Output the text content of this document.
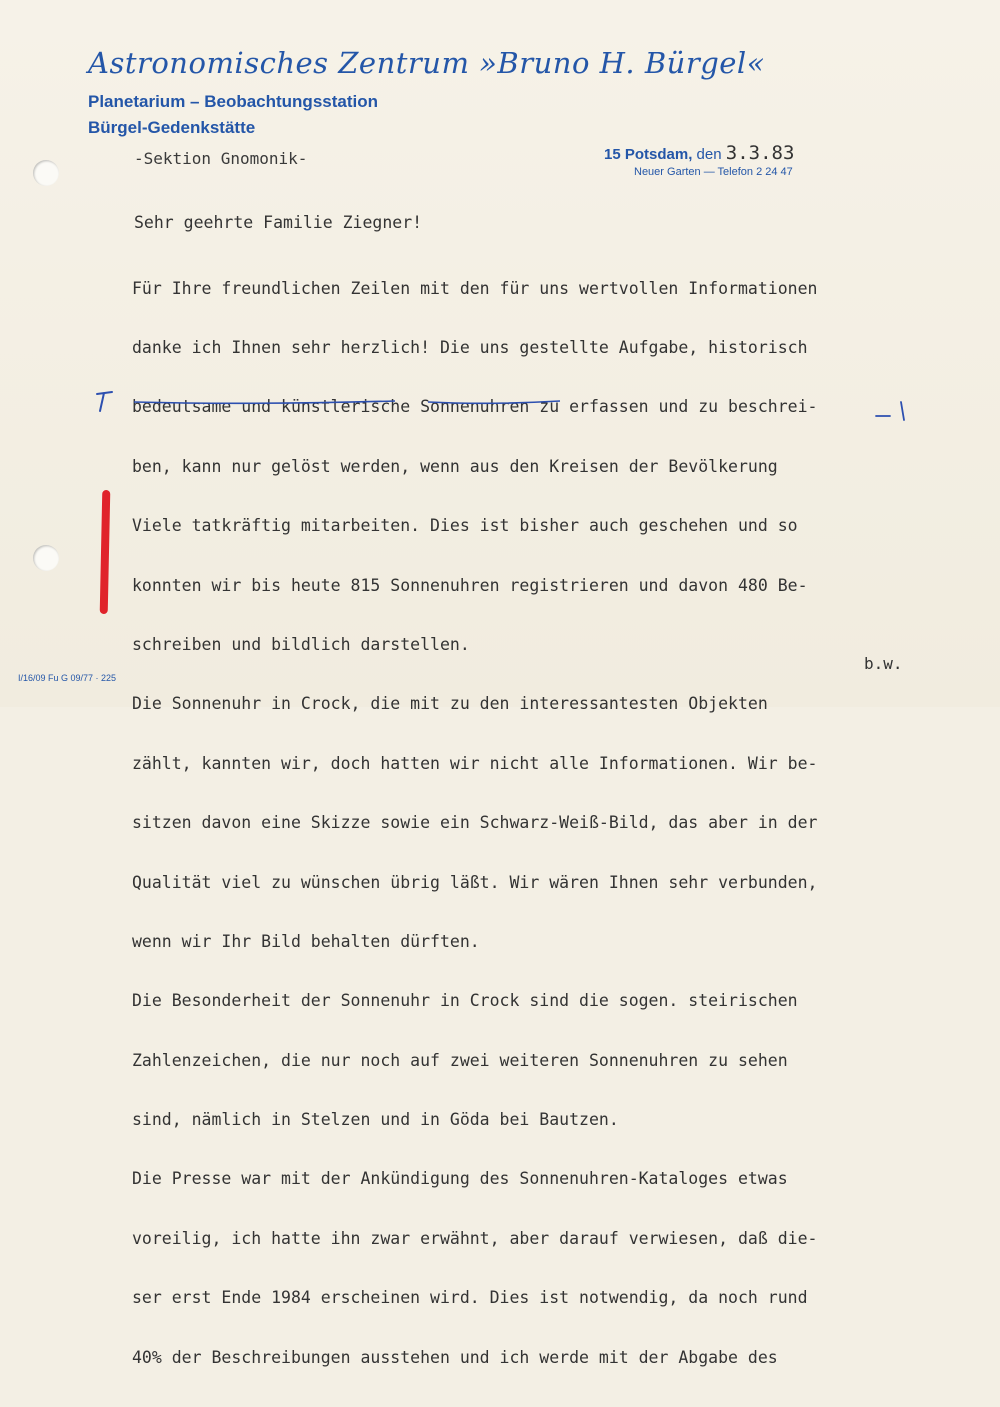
Astronomisches Zentrum »Bruno H. Bürgel«
Planetarium – Beobachtungsstation
Bürgel-Gedenkstätte
-Sektion Gnomonik-	15 Potsdam, den 3.3.83
Neuer Garten — Telefon 2 24 47
Sehr geehrte Familie Ziegner!

Für Ihre freundlichen Zeilen mit den für uns wertvollen Informationen

danke ich Ihnen sehr herzlich! Die uns gestellte Aufgabe, historisch

bedeutsame und künstlerische Sonnenuhren zu erfassen und zu beschrei-

ben, kann nur gelöst werden, wenn aus den Kreisen der Bevölkerung

Viele tatkräftig mitarbeiten. Dies ist bisher auch geschehen und so

konnten wir bis heute 815 Sonnenuhren registrieren und davon 480 Be-

schreiben und bildlich darstellen.

Die Sonnenuhr in Crock, die mit zu den interessantesten Objekten

zählt, kannten wir, doch hatten wir nicht alle Informationen. Wir be-

sitzen davon eine Skizze sowie ein Schwarz-Weiß-Bild, das aber in der

Qualität viel zu wünschen übrig läßt. Wir wären Ihnen sehr verbunden,

wenn wir Ihr Bild behalten dürften.

Die Besonderheit der Sonnenuhr in Crock sind die sogen. steirischen

Zahlenzeichen, die nur noch auf zwei weiteren Sonnenuhren zu sehen

sind, nämlich in Stelzen und in Göda bei Bautzen.

Die Presse war mit der Ankündigung des Sonnenuhren-Kataloges etwas

voreilig, ich hatte ihn zwar erwähnt, aber darauf verwiesen, daß die-

ser erst Ende 1984 erscheinen wird. Dies ist notwendig, da noch rund

40% der Beschreibungen ausstehen und ich werde mit der Abgabe des

b.w.
I/16/09 Fu G 09/77 · 225
